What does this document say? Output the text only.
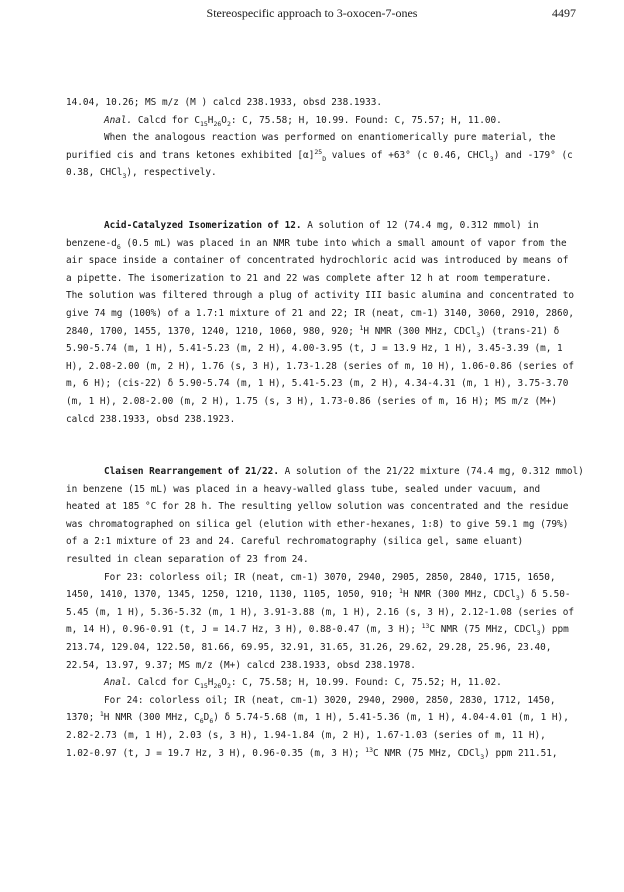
Stereospecific approach to 3-oxocen-7-ones	4497

14.04, 10.26; MS m/z (M ) calcd 238.1933, obsd 238.1933.

Anal. Calcd for $C_{15}H_{26}O_2$: C, 75.58; H, 10.99. Found: C, 75.57; H, 11.00.

When the analogous reaction was performed on enantiomerically pure material, the

purified cis and trans ketones exhibited $[\alpha]^{25}_D$ values of +63° (c 0.46, CHCl$_3$) and -179° (c

0.38, CHCl$_3$), respectively.

Acid-Catalyzed Isomerization of 12. A solution of 12 (74.4 mg, 0.312 mmol) in

benzene-$d_6$ (0.5 mL) was placed in an NMR tube into which a small amount of vapor from the

air space inside a container of concentrated hydrochloric acid was introduced by means of

a pipette. The isomerization to 21 and 22 was complete after 12 h at room temperature.

The solution was filtered through a plug of activity III basic alumina and concentrated to

give 74 mg (100%) of a 1.7:1 mixture of 21 and 22; IR (neat, cm-1) 3140, 3060, 2910, 2860,

2840, 1700, 1455, 1370, 1240, 1210, 1060, 980, 920; $^1$H NMR (300 MHz, CDCl$_3$) (trans-21) δ

5.90-5.74 (m, 1 H), 5.41-5.23 (m, 2 H), 4.00-3.95 (t, J = 13.9 Hz, 1 H), 3.45-3.39 (m, 1

H), 2.08-2.00 (m, 2 H), 1.76 (s, 3 H), 1.73-1.28 (series of m, 10 H), 1.06-0.86 (series of

m, 6 H); (cis-22) δ 5.90-5.74 (m, 1 H), 5.41-5.23 (m, 2 H), 4.34-4.31 (m, 1 H), 3.75-3.70

(m, 1 H), 2.08-2.00 (m, 2 H), 1.75 (s, 3 H), 1.73-0.86 (series of m, 16 H); MS m/z (M+)

calcd 238.1933, obsd 238.1923.

Claisen Rearrangement of 21/22. A solution of the 21/22 mixture (74.4 mg, 0.312 mmol)

in benzene (15 mL) was placed in a heavy-walled glass tube, sealed under vacuum, and

heated at 185 °C for 28 h. The resulting yellow solution was concentrated and the residue

was chromatographed on silica gel (elution with ether-hexanes, 1:8) to give 59.1 mg (79%)

of a 2:1 mixture of 23 and 24. Careful rechromatography (silica gel, same eluant)

resulted in clean separation of 23 from 24.

For 23: colorless oil; IR (neat, cm-1) 3070, 2940, 2905, 2850, 2840, 1715, 1650,

1450, 1410, 1370, 1345, 1250, 1210, 1130, 1105, 1050, 910; $^1$H NMR (300 MHz, CDCl$_3$) δ 5.50-

5.45 (m, 1 H), 5.36-5.32 (m, 1 H), 3.91-3.88 (m, 1 H), 2.16 (s, 3 H), 2.12-1.08 (series of

m, 14 H), 0.96-0.91 (t, J = 14.7 Hz, 3 H), 0.88-0.47 (m, 3 H); $^{13}$C NMR (75 MHz, CDCl$_3$) ppm

213.74, 129.04, 122.50, 81.66, 69.95, 32.91, 31.65, 31.26, 29.62, 29.28, 25.96, 23.40,

22.54, 13.97, 9.37; MS m/z (M+) calcd 238.1933, obsd 238.1978.

Anal. Calcd for $C_{15}H_{26}O_2$: C, 75.58; H, 10.99. Found: C, 75.52; H, 11.02.

For 24: colorless oil; IR (neat, cm-1) 3020, 2940, 2900, 2850, 2830, 1712, 1450,

1370; $^1$H NMR (300 MHz, $C_6D_6$) δ 5.74-5.68 (m, 1 H), 5.41-5.36 (m, 1 H), 4.04-4.01 (m, 1 H),

2.82-2.73 (m, 1 H), 2.03 (s, 3 H), 1.94-1.84 (m, 2 H), 1.67-1.03 (series of m, 11 H),

1.02-0.97 (t, J = 19.7 Hz, 3 H), 0.96-0.35 (m, 3 H); $^{13}$C NMR (75 MHz, CDCl$_3$) ppm 211.51,
